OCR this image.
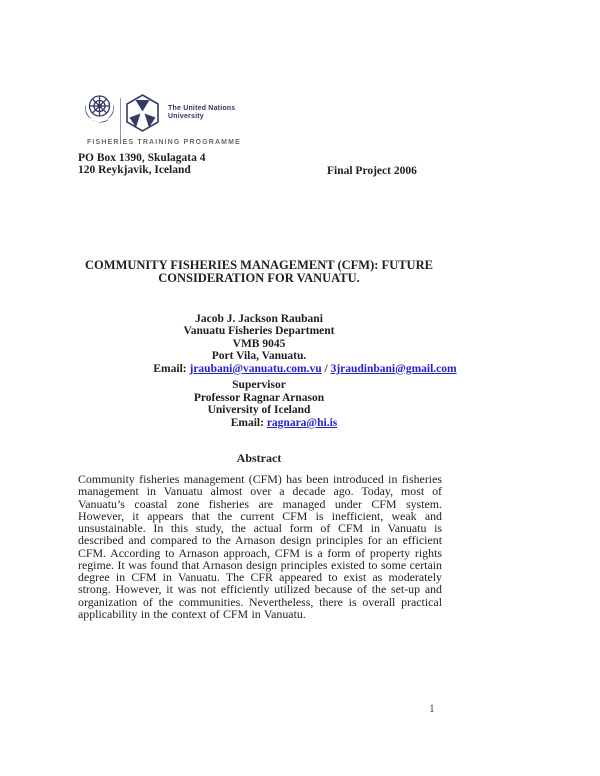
The United Nations
University
FISHERIES TRAINING PROGRAMME
PO Box 1390, Skulagata 4
120 Reykjavik, Iceland	Final Project 2006
COMMUNITY FISHERIES MANAGEMENT (CFM): FUTURE
CONSIDERATION FOR VANUATU.
Jacob J. Jackson Raubani
Vanuatu Fisheries Department
VMB 9045
Port Vila, Vanuatu.
Email: jraubani@vanuatu.com.vu / 3jraudinbani@gmail.com
Supervisor
Professor Ragnar Arnason
University of Iceland
Email: ragnara@hi.is
Abstract
Community fisheries management (CFM) has been introduced in fisheries management in Vanuatu almost over a decade ago. Today, most of Vanuatu’s coastal zone fisheries are managed under CFM system. However, it appears that the current CFM is inefficient, weak and unsustainable. In this study, the actual form of CFM in Vanuatu is described and compared to the Arnason design principles for an efficient CFM. According to Arnason approach, CFM is a form of property rights regime. It was found that Arnason design principles existed to some certain degree in CFM in Vanuatu. The CFR appeared to exist as moderately strong. However, it was not efficiently utilized because of the set-up and organization of the communities. Nevertheless, there is overall practical applicability in the context of CFM in Vanuatu.
1
